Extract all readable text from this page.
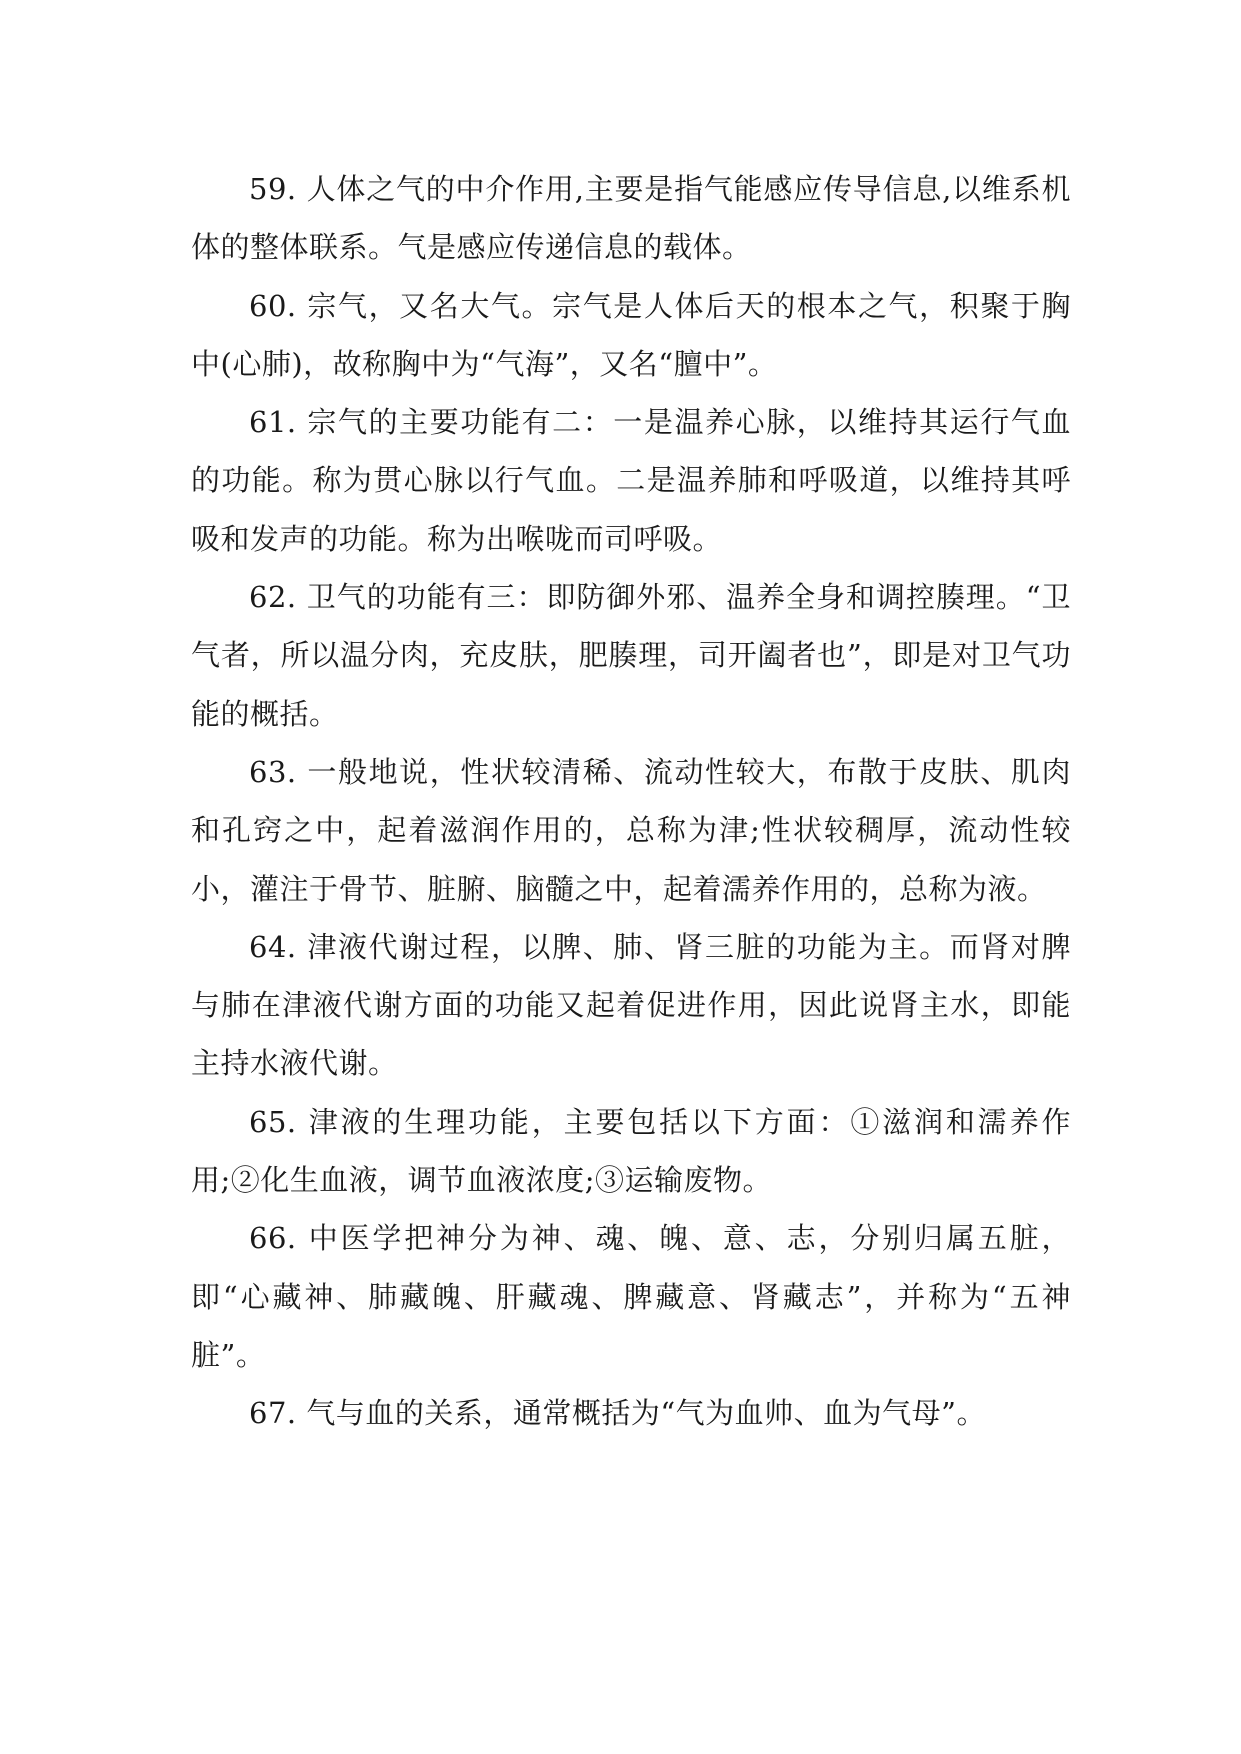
59. 人体之气的中介作用,主要是指气能感应传导信息,以维系机体的整体联系。气是感应传递信息的载体。

60. 宗气，又名大气。宗气是人体后天的根本之气，积聚于胸中(心肺)，故称胸中为“气海”，又名“膻中”。

61. 宗气的主要功能有二：一是温养心脉，以维持其运行气血的功能。称为贯心脉以行气血。二是温养肺和呼吸道，以维持其呼吸和发声的功能。称为出喉咙而司呼吸。

62. 卫气的功能有三：即防御外邪、温养全身和调控腠理。“卫气者，所以温分肉，充皮肤，肥腠理，司开阖者也”，即是对卫气功能的概括。

63. 一般地说，性状较清稀、流动性较大，布散于皮肤、肌肉和孔窍之中，起着滋润作用的，总称为津;性状较稠厚，流动性较小，灌注于骨节、脏腑、脑髓之中，起着濡养作用的，总称为液。

64. 津液代谢过程，以脾、肺、肾三脏的功能为主。而肾对脾与肺在津液代谢方面的功能又起着促进作用，因此说肾主水，即能主持水液代谢。

65. 津液的生理功能，主要包括以下方面：①滋润和濡养作用;②化生血液，调节血液浓度;③运输废物。

66. 中医学把神分为神、魂、魄、意、志，分别归属五脏，即“心藏神、肺藏魄、肝藏魂、脾藏意、肾藏志”，并称为“五神脏”。

67. 气与血的关系，通常概括为“气为血帅、血为气母”。
